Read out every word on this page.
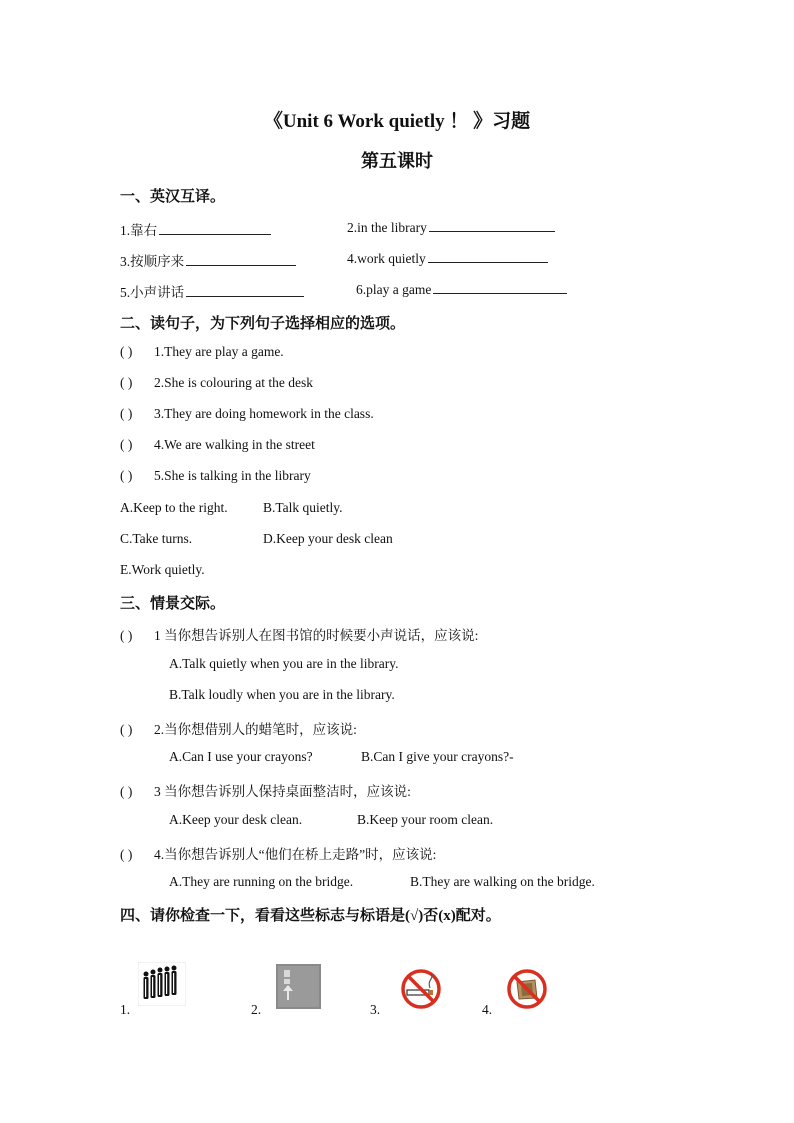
《Unit 6 Work quietly ！ 》习题
第五课时
一、英汉互译。
1.靠右	2.in the library
3.按顺序来	4.work quietly
5.小声讲话	6.play a game
二、读句子，为下列句子选择相应的选项。
( ) 1.They are play a game.
( ) 2.She is colouring at the desk
( ) 3.They are doing homework in the class.
( ) 4.We are walking in the street
( ) 5.She is talking in the library
A.Keep to the right.	B.Talk quietly.
C.Take turns.	D.Keep your desk clean
E.Work quietly.
三、情景交际。
( ) 1 当你想告诉别人在图书馆的时候要小声说话，应该说:
A.Talk quietly when you are in the library.
B.Talk loudly when you are in the library.
( ) 2.当你想借别人的蜡笔时，应该说:
A.Can I use your crayons?	B.Can I give your crayons?-
( ) 3 当你想告诉别人保持桌面整洁时，应该说:
A.Keep your desk clean.	B.Keep your room clean.
( ) 4.当你想告诉别人“他们在桥上走路”时，应该说:
A.They are running on the bridge.	B.They are walking on the bridge.
四、请你检查一下，看看这些标志与标语是(√)否(x)配对。
1.	2.	3.	4.
